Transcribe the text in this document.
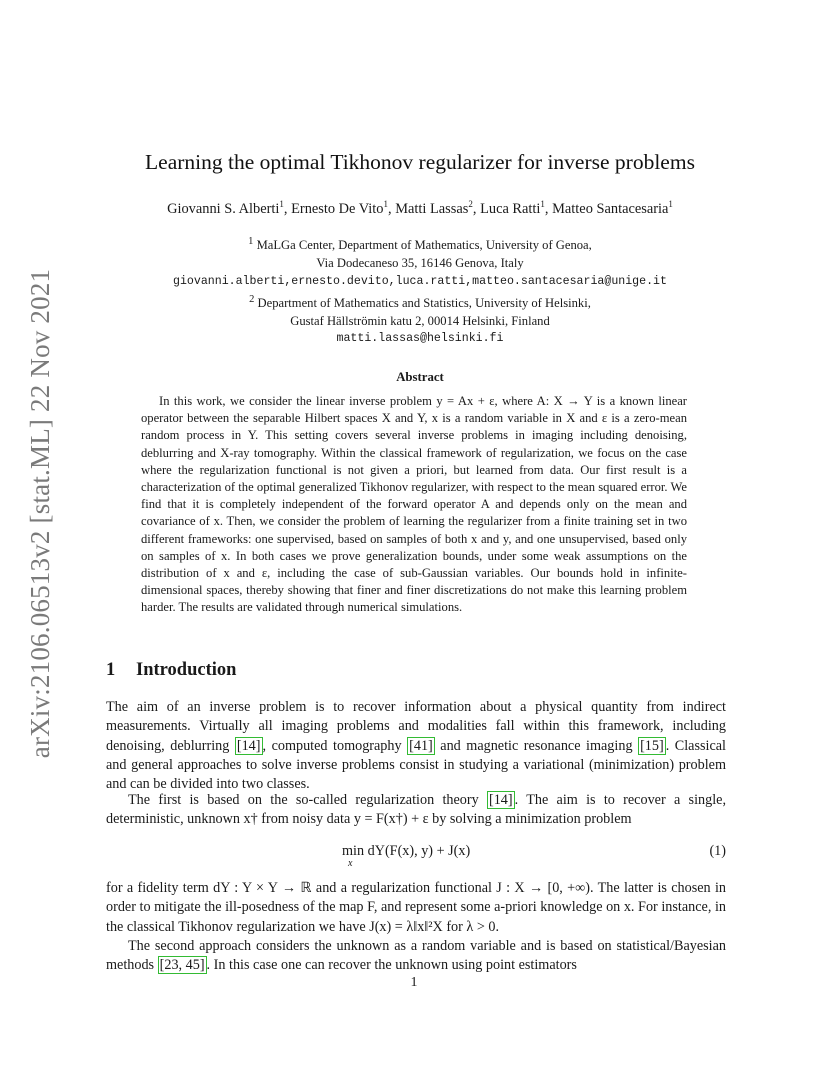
arXiv:2106.06513v2 [stat.ML] 22 Nov 2021
Learning the optimal Tikhonov regularizer for inverse problems
Giovanni S. Alberti$^1$, Ernesto De Vito$^1$, Matti Lassas$^2$, Luca Ratti$^1$, Matteo Santacesaria$^1$
$^1$ MaLGa Center, Department of Mathematics, University of Genoa,
Via Dodecaneso 35, 16146 Genova, Italy
giovanni.alberti,ernesto.devito,luca.ratti,matteo.santacesaria@unige.it
$^2$ Department of Mathematics and Statistics, University of Helsinki,
Gustaf Hällströmin katu 2, 00014 Helsinki, Finland
matti.lassas@helsinki.fi
Abstract

In this work, we consider the linear inverse problem y = Ax + ε, where A: X → Y is a known linear operator between the separable Hilbert spaces X and Y, x is a random variable in X and ε is a zero-mean random process in Y. This setting covers several inverse problems in imaging including denoising, deblurring and X-ray tomography. Within the classical framework of regularization, we focus on the case where the regularization functional is not given a priori, but learned from data. Our first result is a characterization of the optimal generalized Tikhonov regularizer, with respect to the mean squared error. We find that it is completely independent of the forward operator A and depends only on the mean and covariance of x. Then, we consider the problem of learning the regularizer from a finite training set in two different frameworks: one supervised, based on samples of both x and y, and one unsupervised, based only on samples of x. In both cases we prove generalization bounds, under some weak assumptions on the distribution of x and ε, including the case of sub-Gaussian variables. Our bounds hold in infinite-dimensional spaces, thereby showing that finer and finer discretizations do not make this learning problem harder. The results are validated through numerical simulations.

1 Introduction

The aim of an inverse problem is to recover information about a physical quantity from indirect measurements. Virtually all imaging problems and modalities fall within this framework, including denoising, deblurring [14] , computed tomography [41] and magnetic resonance imaging [15] . Classical and general approaches to solve inverse problems consist in studying a variational (minimization) problem and can be divided into two classes.

The first is based on the so-called regularization theory [14] . The aim is to recover a single, deterministic, unknown x† from noisy data y = F(x†) + ε by solving a minimization problem

min dY(F(x), y) + J(x)
x
(1)

for a fidelity term dY : Y × Y → ℝ and a regularization functional J : X → [0, +∞). The latter is chosen in order to mitigate the ill-posedness of the map F, and represent some a-priori knowledge on x. For instance, in the classical Tikhonov regularization we have J(x) = λ‖x‖²X for λ > 0.

The second approach considers the unknown as a random variable and is based on statistical/Bayesian methods [23, 45] . In this case one can recover the unknown using point estimators

1
